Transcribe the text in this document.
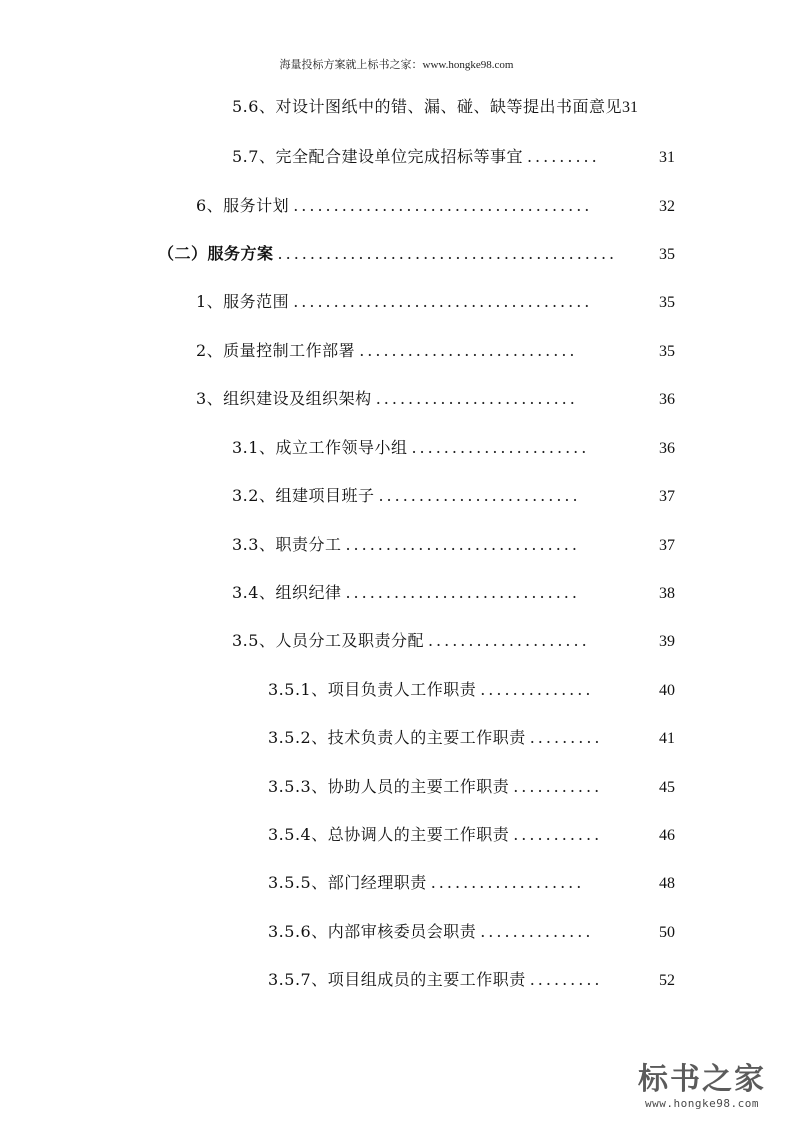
海量投标方案就上标书之家：www.hongke98.com
5.6、对设计图纸中的错、漏、碰、缺等提出书面意见 31
5.7、完全配合建设单位完成招标等事宜 .........	31
6、服务计划 .....................................	32
（二）服务方案 ..........................................	35
1、服务范围 .....................................	35
2、质量控制工作部署 ...........................	35
3、组织建设及组织架构 .........................	36
3.1、成立工作领导小组 ......................	36
3.2、组建项目班子 .........................	37
3.3、职责分工 .............................	37
3.4、组织纪律 .............................	38
3.5、人员分工及职责分配 ....................	39
3.5.1、项目负责人工作职责 ..............	40
3.5.2、技术负责人的主要工作职责 .........	41
3.5.3、协助人员的主要工作职责 ...........	45
3.5.4、总协调人的主要工作职责 ...........	46
3.5.5、部门经理职责 ...................	48
3.5.6、内部审核委员会职责 ..............	50
3.5.7、项目组成员的主要工作职责 .........	52
标书之家
www.hongke98.com
